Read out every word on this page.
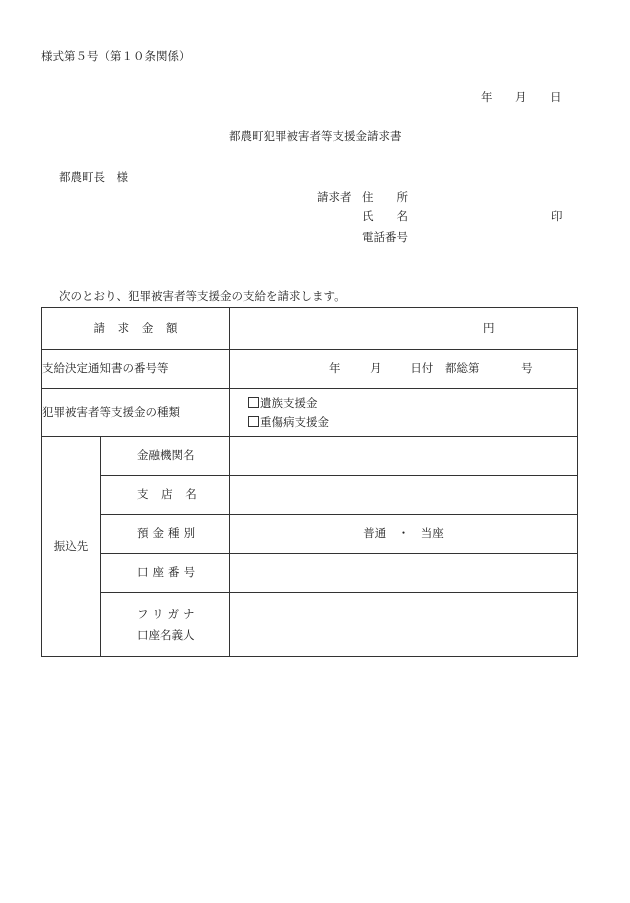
様式第５号（第１０条関係）
年 月 日
都農町犯罪被害者等支援金請求書
都農町長　様
請求者 住　　所
氏　　名	印
電話番号
次のとおり、犯罪被害者等支援金の支給を請求します。
請求金額		円
支給決定通知書の番号等		年 月 日付 都総第 号
犯罪被害者等支援金の種類		遺族支援金
重傷病支援金

振込先	金融機関名	
	支店名	
	預金種別	普通　・　当座
	口座番号	

	フリガナ
口座名義人	
